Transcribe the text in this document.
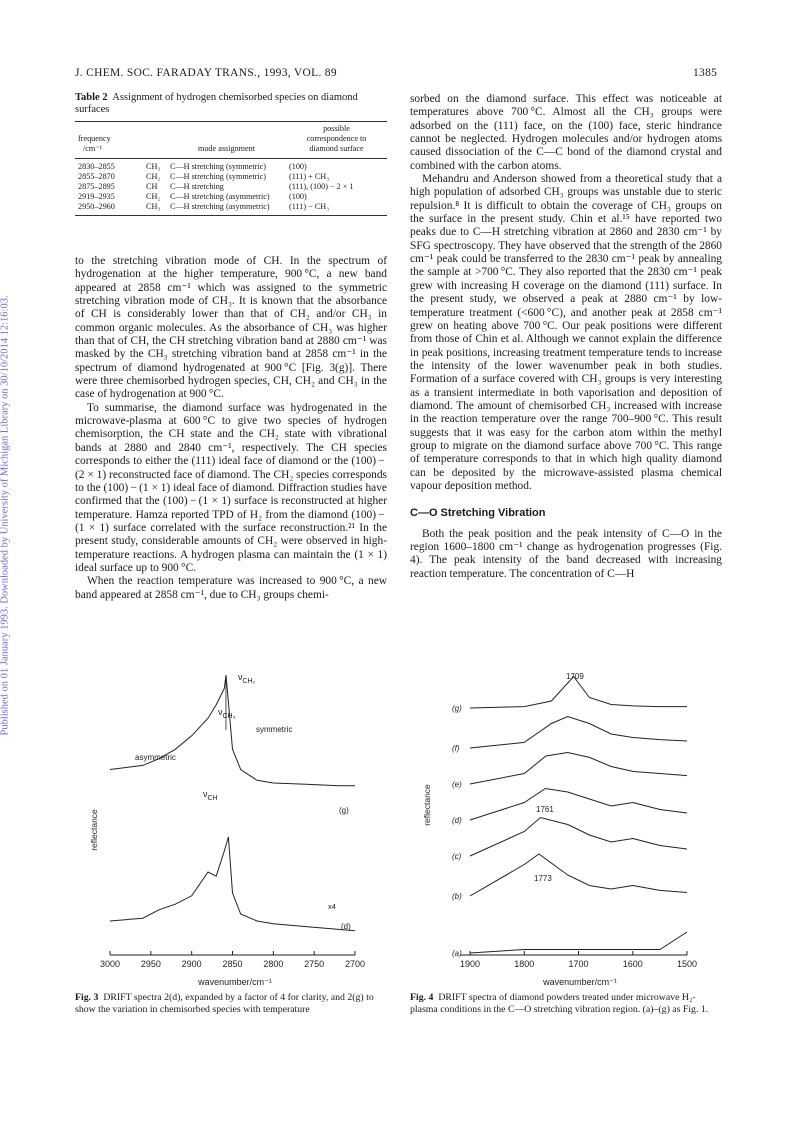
J. CHEM. SOC. FARADAY TRANS., 1993, VOL. 89	1385
Published on 01 January 1993. Downloaded by University of Michigan Library on 30/10/2014 12:16:03.
Table 2 Assignment of hydrogen chemisorbed species on diamond surfaces
			possible
frequency			correspondence to
/cm⁻¹		mode assignment	diamond surface

2830–2855	CH₃	C—H stretching (symmetric)	(100)
2855–2870	CH₂	C—H stretching (symmetric)	(111) + CH₃
2875–2895	CH	C—H stretching	(111), (100) − 2 × 1
2919–2935	CH₂	C—H stretching (asymmetric)	(100)
2950–2960	CH₃	C—H stretching (asymmetric)	(111) − CH₃

to the stretching vibration mode of CH. In the spectrum of hydrogenation at the higher temperature, 900 °C, a new band appeared at 2858 cm⁻¹ which was assigned to the symmetric stretching vibration mode of CH₃. It is known that the absorbance of CH is considerably lower than that of CH₂ and/or CH₃ in common organic molecules. As the absorbance of CH₃ was higher than that of CH, the CH stretching vibration band at 2880 cm⁻¹ was masked by the CH₃ stretching vibration band at 2858 cm⁻¹ in the spectrum of diamond hydrogenated at 900 °C [Fig. 3(g)]. There were three chemisorbed hydrogen species, CH, CH₂ and CH₃ in the case of hydrogenation at 900 °C.

To summarise, the diamond surface was hydrogenated in the microwave-plasma at 600 °C to give two species of hydrogen chemisorption, the CH state and the CH₂ state with vibrational bands at 2880 and 2840 cm⁻¹, respectively. The CH species corresponds to either the (111) ideal face of diamond or the (100) − (2 × 1) reconstructed face of diamond. The CH₂ species corresponds to the (100) − (1 × 1) ideal face of diamond. Diffraction studies have confirmed that the (100) − (1 × 1) surface is reconstructed at higher temperature. Hamza reported TPD of H₂ from the diamond (100) − (1 × 1) surface correlated with the surface reconstruction.²¹ In the present study, considerable amounts of CH₂ were observed in high-temperature reactions. A hydrogen plasma can maintain the (1 × 1) ideal surface up to 900 °C.

When the reaction temperature was increased to 900 °C, a new band appeared at 2858 cm⁻¹, due to CH₃ groups chemi-

sorbed on the diamond surface. This effect was noticeable at temperatures above 700 °C. Almost all the CH₃ groups were adsorbed on the (111) face, on the (100) face, steric hindrance cannot be neglected. Hydrogen molecules and/or hydrogen atoms caused dissociation of the C—C bond of the diamond crystal and combined with the carbon atoms.

Mehandru and Anderson showed from a theoretical study that a high population of adsorbed CH₃ groups was unstable due to steric repulsion.⁸ It is difficult to obtain the coverage of CH₃ groups on the surface in the present study. Chin et al.¹⁵ have reported two peaks due to C—H stretching vibration at 2860 and 2830 cm⁻¹ by SFG spectroscopy. They have observed that the strength of the 2860 cm⁻¹ peak could be transferred to the 2830 cm⁻¹ peak by annealing the sample at >700 °C. They also reported that the 2830 cm⁻¹ peak grew with increasing H coverage on the diamond (111) surface. In the present study, we observed a peak at 2880 cm⁻¹ by low-temperature treatment (<600 °C), and another peak at 2858 cm⁻¹ grew on heating above 700 °C. Our peak positions were different from those of Chin et al. Although we cannot explain the difference in peak positions, increasing treatment temperature tends to increase the intensity of the lower wavenumber peak in both studies. Formation of a surface covered with CH₃ groups is very interesting as a transient intermediate in both vaporisation and deposition of diamond. The amount of chemisorbed CH₃ increased with increase in the reaction temperature over the range 700–900 °C. This result suggests that it was easy for the carbon atom within the methyl group to migrate on the diamond surface above 700 °C. This range of temperature corresponds to that in which high quality diamond can be deposited by the microwave-assisted plasma chemical vapour deposition method.

C—O Stretching Vibration

Both the peak position and the peak intensity of C—O in the region 1600–1800 cm⁻¹ change as hydrogenation progresses (Fig. 4). The peak intensity of the band decreased with increasing reaction temperature. The concentration of C—H

3000 2950 2900 2850 2800 2750 2700
$\nu_{CH_2}$
$\nu_{CH_3}$
symmetric
asymmetric
$\nu_{CH}$
(g)
x4
(d)
reflectance
wavenumber/cm⁻¹
Fig. 3 DRIFT spectra 2(d), expanded by a factor of 4 for clarity, and 2(g) to show the variation in chemisorbed species with temperature
(g)
(f)
(e)
(d)
(c)
(b)
(a)
1900	1800	1700	1600	1500
1709
1761
1773
reflectance
wavenumber/cm⁻¹
Fig. 4 DRIFT spectra of diamond powders treated under microwave H₂-plasma conditions in the C—O stretching vibration region. (a)–(g) as Fig. 1.
